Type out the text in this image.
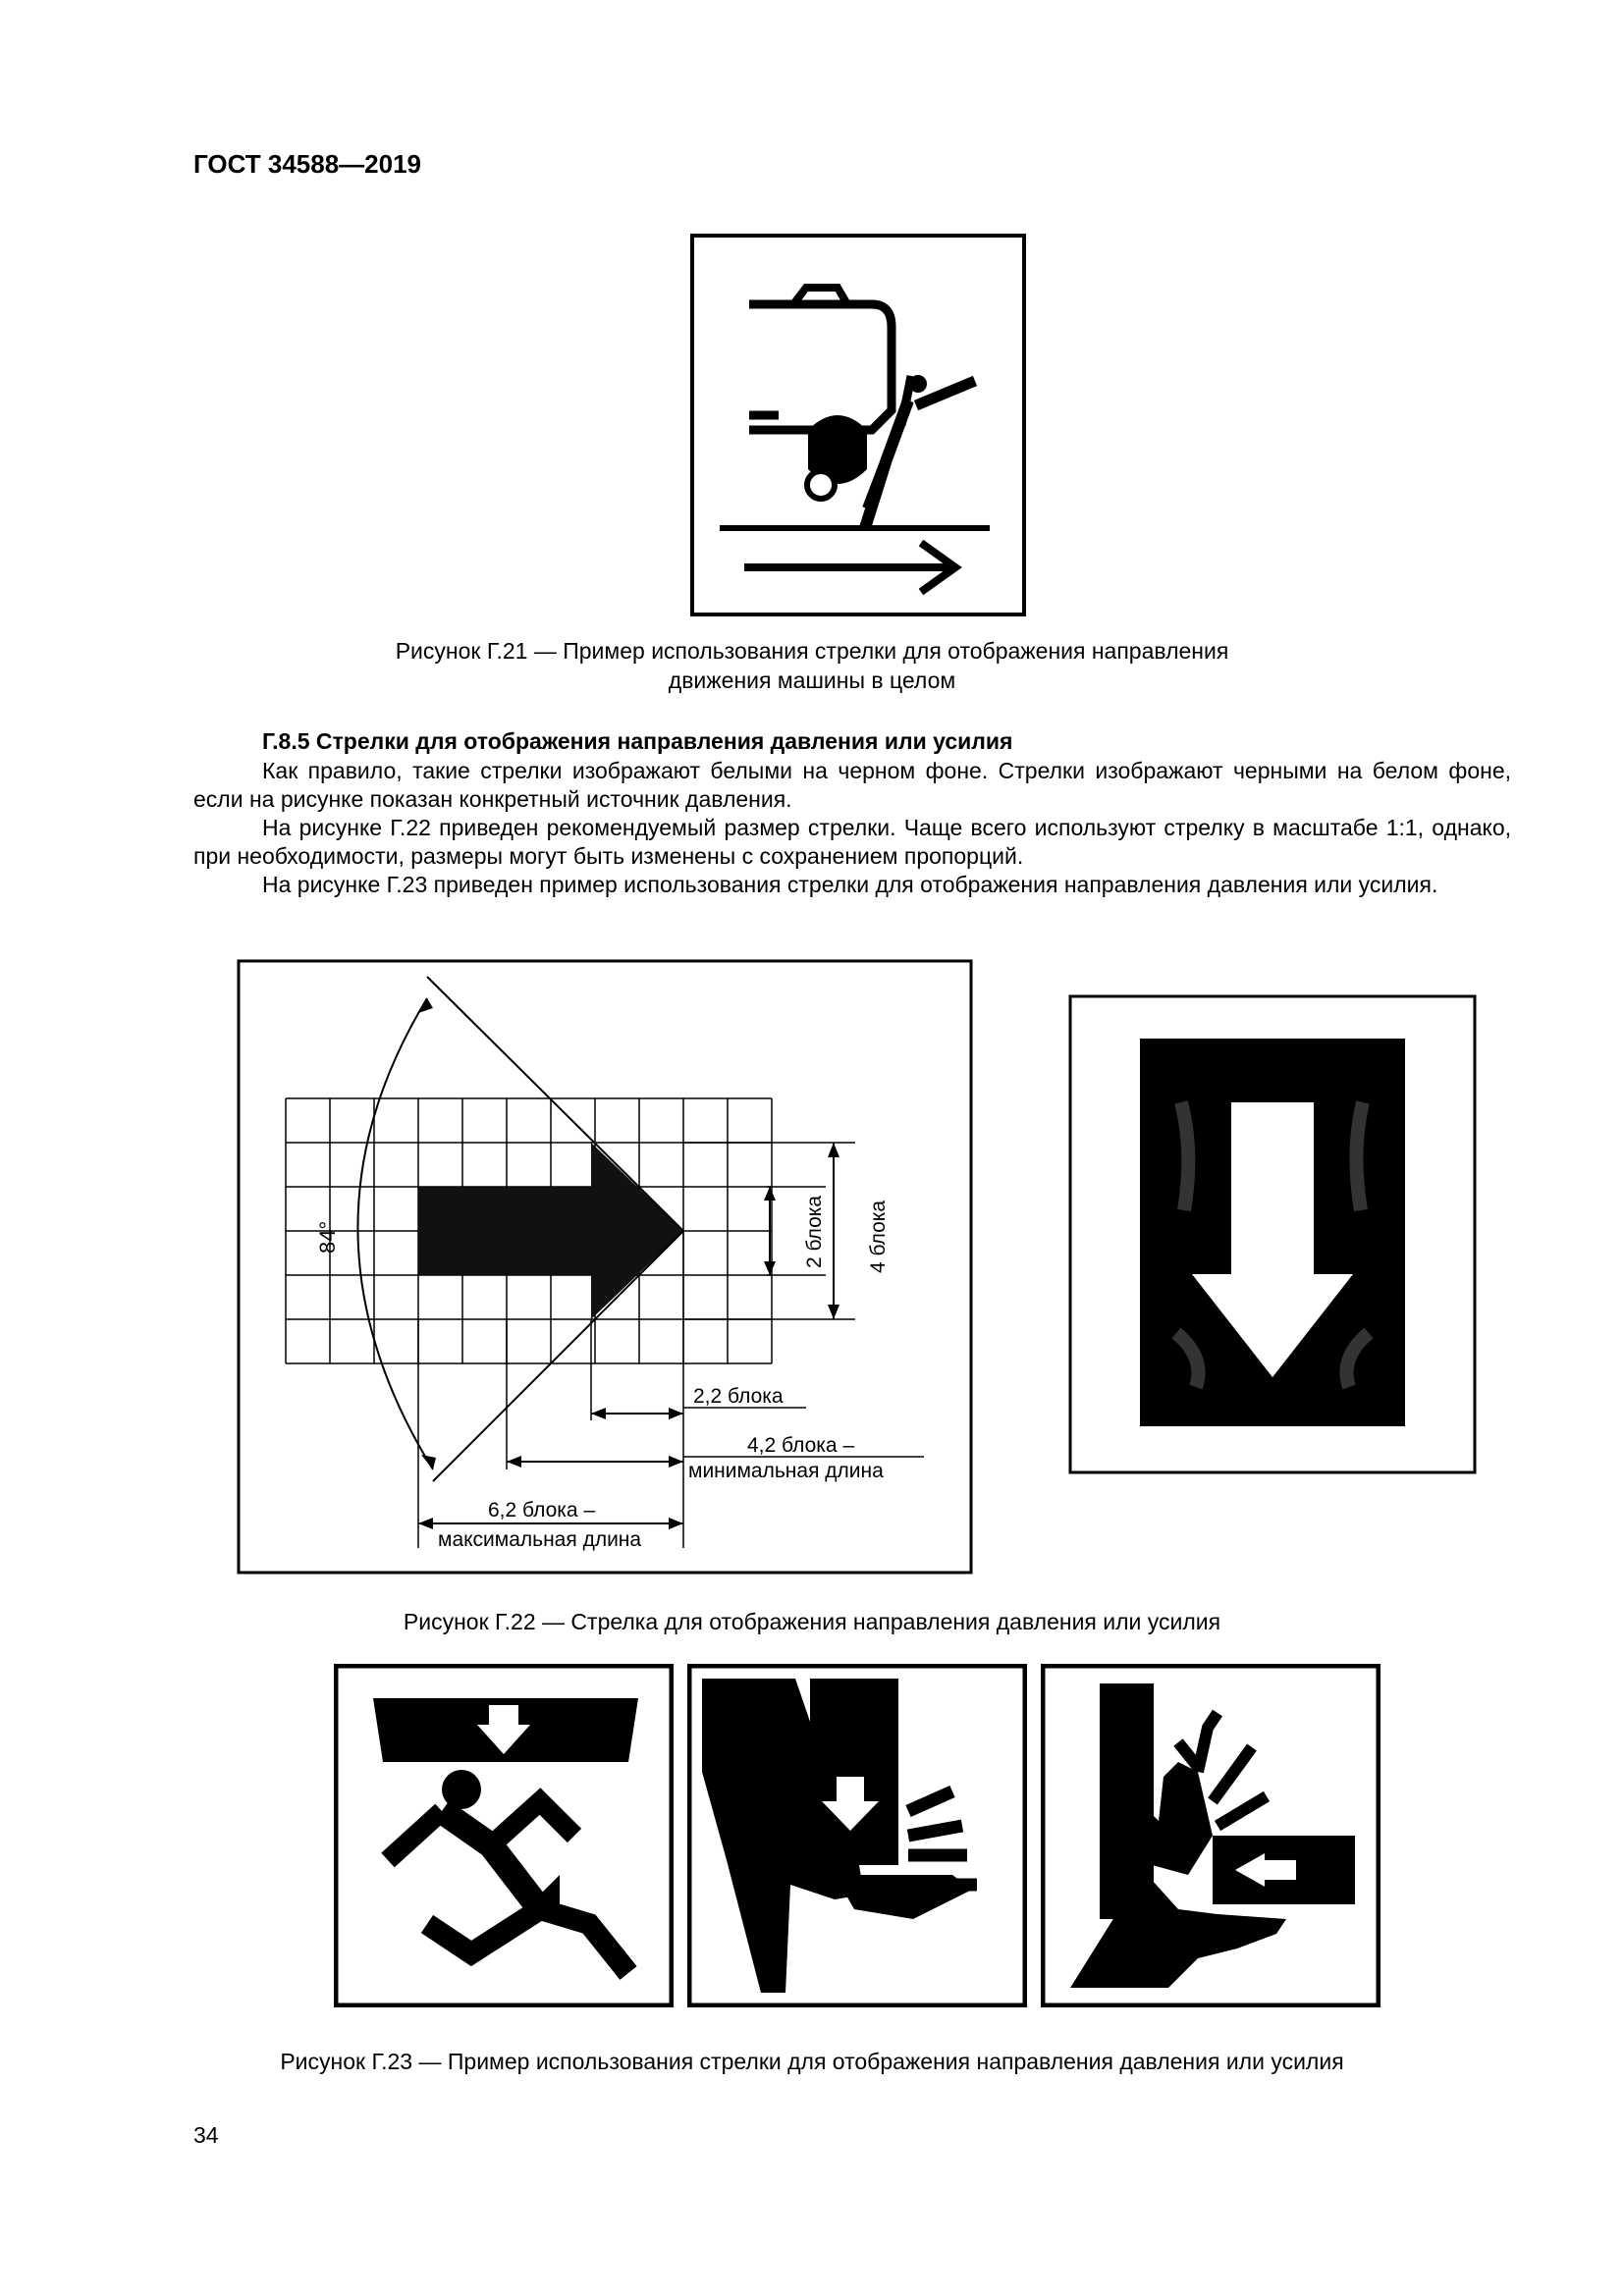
ГОСТ 34588—2019
Рисунок Г.21 — Пример использования стрелки для отображения направления
движения машины в целом
Г.8.5 Стрелки для отображения направления давления или усилия
Как правило, такие стрелки изображают белыми на черном фоне. Стрелки изображают черными на белом фоне, если на рисунке показан конкретный источник давления.
На рисунке Г.22 приведен рекомендуемый размер стрелки. Чаще всего используют стрелку в масштабе 1:1, однако, при необходимости, размеры могут быть изменены с сохранением пропорций.
На рисунке Г.23 приведен пример использования стрелки для отображения направления давления или усилия.
84°	2 блока 4 блока
2,2 блока
4,2 блока –
минимальная длина
6,2 блока –
максимальная длина
Рисунок Г.22 — Стрелка для отображения направления давления или усилия
Рисунок Г.23 — Пример использования стрелки для отображения направления давления или усилия
34
